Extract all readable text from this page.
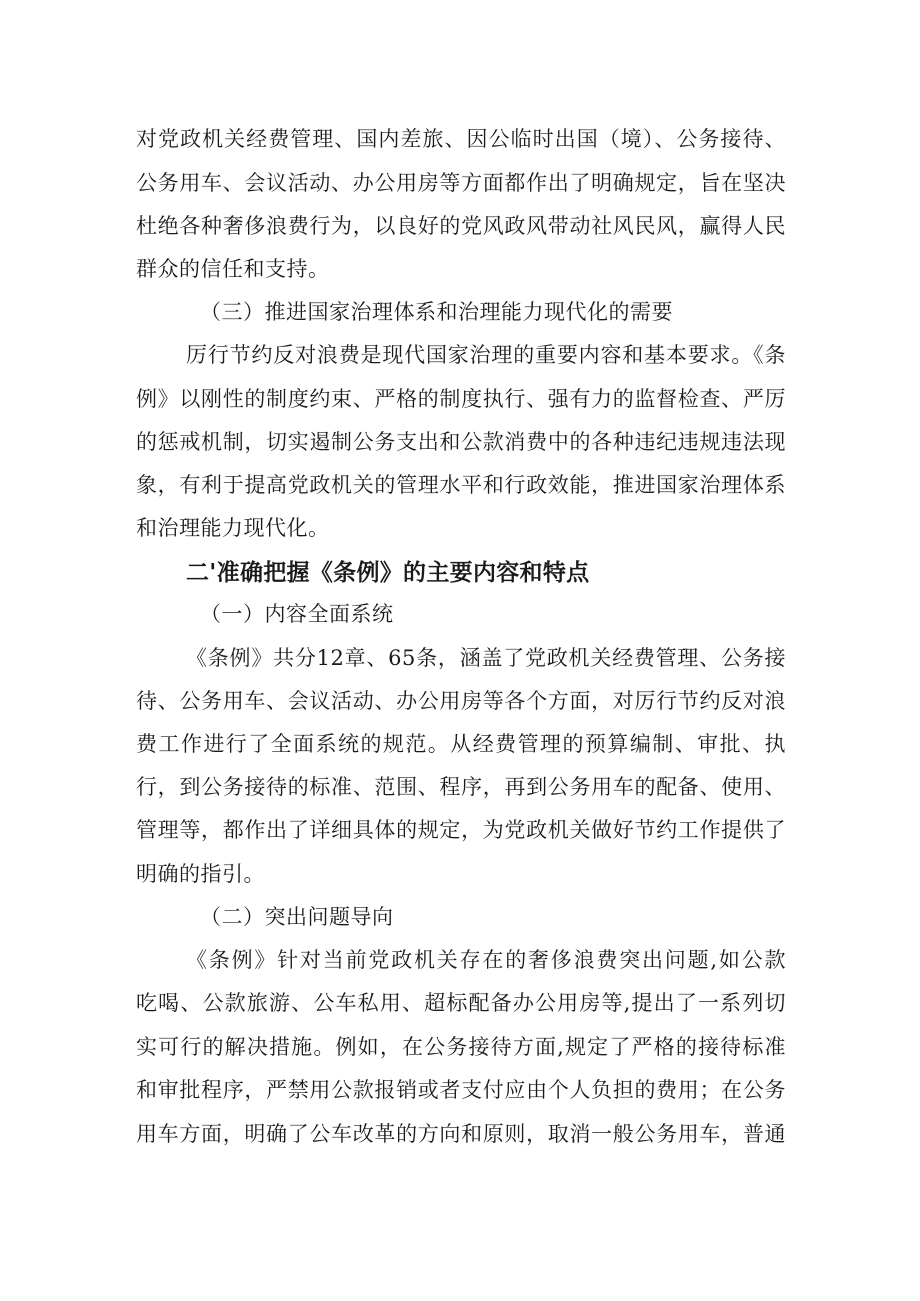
对党政机关经费管理、国内差旅、因公临时出国（境）、公务接待、
公务用车、会议活动、办公用房等方面都作出了明确规定，旨在坚决
杜绝各种奢侈浪费行为，以良好的党风政风带动社风民风，赢得人民
群众的信任和支持。
（三）推进国家治理体系和治理能力现代化的需要
厉行节约反对浪费是现代国家治理的重要内容和基本要求。《条
例》以刚性的制度约束、严格的制度执行、强有力的监督检查、严厉
的惩戒机制，切实遏制公务支出和公款消费中的各种违纪违规违法现
象，有利于提高党政机关的管理水平和行政效能，推进国家治理体系
和治理能力现代化。
二'准确把握《条例》的主要内容和特点
（一）内容全面系统
《条例》共分12章、65条，涵盖了党政机关经费管理、公务接
待、公务用车、会议活动、办公用房等各个方面，对厉行节约反对浪
费工作进行了全面系统的规范。从经费管理的预算编制、审批、执
行，到公务接待的标准、范围、程序，再到公务用车的配备、使用、
管理等，都作出了详细具体的规定，为党政机关做好节约工作提供了
明确的指引。
（二）突出问题导向
《条例》针对当前党政机关存在的奢侈浪费突出问题,如公款
吃喝、公款旅游、公车私用、超标配备办公用房等,提出了一系列切
实可行的解决措施。例如，在公务接待方面,规定了严格的接待标准
和审批程序，严禁用公款报销或者支付应由个人负担的费用；在公务
用车方面，明确了公车改革的方向和原则，取消一般公务用车，普通
